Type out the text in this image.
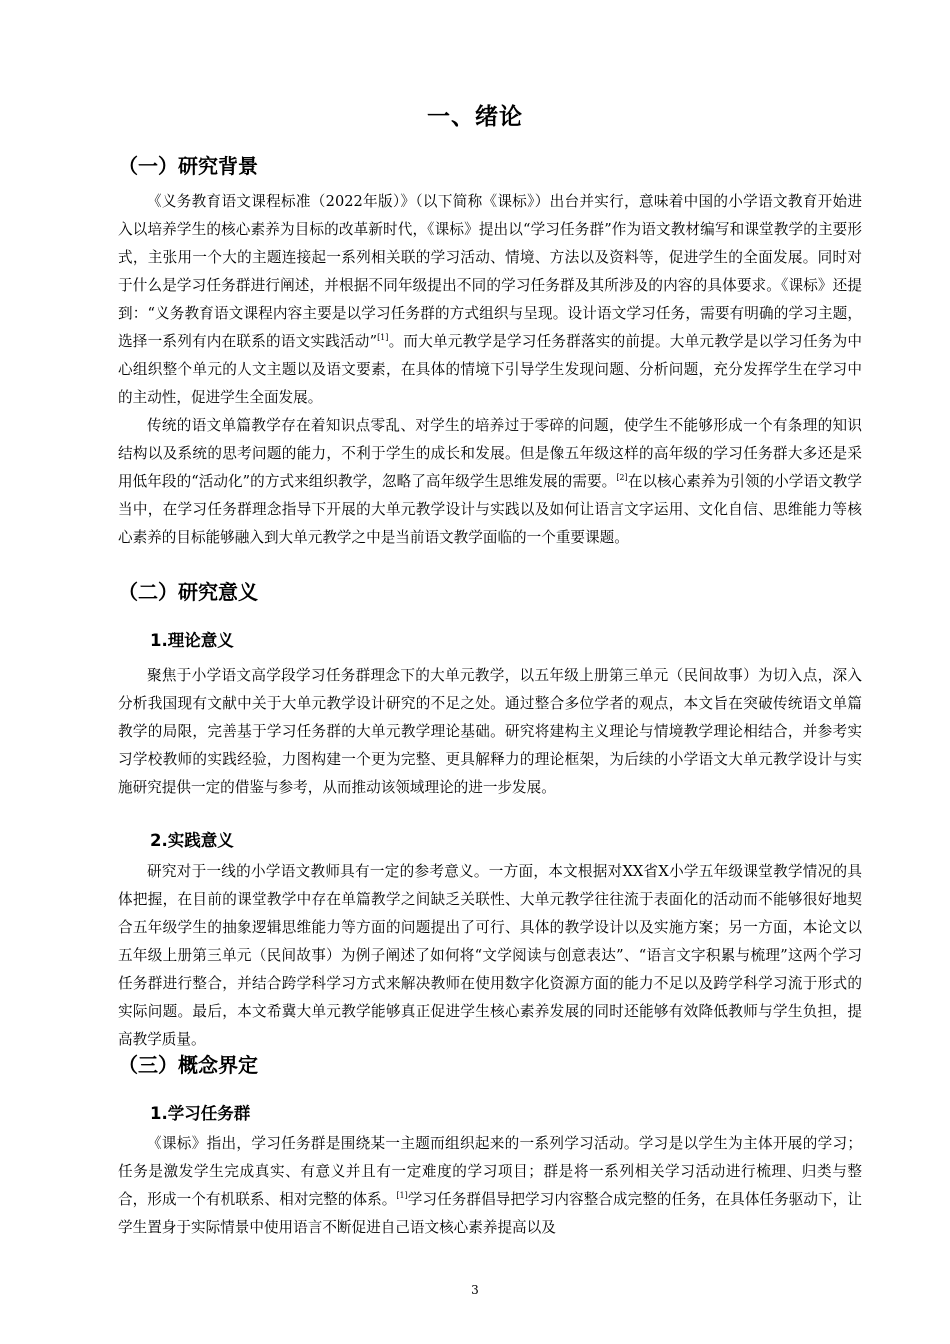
一、绪论
（一）研究背景

《义务教育语文课程标准（2022年版）》（以下简称《课标》）出台并实行，意味着中国的小学语文教育开始进入以培养学生的核心素养为目标的改革新时代，《课标》提出以“学习任务群”作为语文教材编写和课堂教学的主要形式，主张用一个大的主题连接起一系列相关联的学习活动、情境、方法以及资料等，促进学生的全面发展。同时对于什么是学习任务群进行阐述，并根据不同年级提出不同的学习任务群及其所涉及的内容的具体要求。《课标》还提到：“义务教育语文课程内容主要是以学习任务群的方式组织与呈现。设计语文学习任务，需要有明确的学习主题，选择一系列有内在联系的语文实践活动”[1]。而大单元教学是学习任务群落实的前提。大单元教学是以学习任务为中心组织整个单元的人文主题以及语文要素，在具体的情境下引导学生发现问题、分析问题，充分发挥学生在学习中的主动性，促进学生全面发展。

传统的语文单篇教学存在着知识点零乱、对学生的培养过于零碎的问题，使学生不能够形成一个有条理的知识结构以及系统的思考问题的能力，不利于学生的成长和发展。但是像五年级这样的高年级的学习任务群大多还是采用低年段的“活动化”的方式来组织教学，忽略了高年级学生思维发展的需要。[2]在以核心素养为引领的小学语文教学当中，在学习任务群理念指导下开展的大单元教学设计与实践以及如何让语言文字运用、文化自信、思维能力等核心素养的目标能够融入到大单元教学之中是当前语文教学面临的一个重要课题。

（二）研究意义
1.理论意义

聚焦于小学语文高学段学习任务群理念下的大单元教学，以五年级上册第三单元（民间故事）为切入点，深入分析我国现有文献中关于大单元教学设计研究的不足之处。通过整合多位学者的观点，本文旨在突破传统语文单篇教学的局限，完善基于学习任务群的大单元教学理论基础。研究将建构主义理论与情境教学理论相结合，并参考实习学校教师的实践经验，力图构建一个更为完整、更具解释力的理论框架，为后续的小学语文大单元教学设计与实施研究提供一定的借鉴与参考，从而推动该领域理论的进一步发展。

2.实践意义

研究对于一线的小学语文教师具有一定的参考意义。一方面，本文根据对XX省X小学五年级课堂教学情况的具体把握，在目前的课堂教学中存在单篇教学之间缺乏关联性、大单元教学往往流于表面化的活动而不能够很好地契合五年级学生的抽象逻辑思维能力等方面的问题提出了可行、具体的教学设计以及实施方案；另一方面，本论文以五年级上册第三单元（民间故事）为例子阐述了如何将“文学阅读与创意表达”、“语言文字积累与梳理”这两个学习任务群进行整合，并结合跨学科学习方式来解决教师在使用数字化资源方面的能力不足以及跨学科学习流于形式的实际问题。最后，本文希冀大单元教学能够真正促进学生核心素养发展的同时还能够有效降低教师与学生负担，提高教学质量。

（三）概念界定
1.学习任务群

《课标》指出，学习任务群是围绕某一主题而组织起来的一系列学习活动。学习是以学生为主体开展的学习；任务是激发学生完成真实、有意义并且有一定难度的学习项目；群是将一系列相关学习活动进行梳理、归类与整合，形成一个有机联系、相对完整的体系。[1]学习任务群倡导把学习内容整合成完整的任务，在具体任务驱动下，让学生置身于实际情景中使用语言不断促进自己语文核心素养提高以及

3
